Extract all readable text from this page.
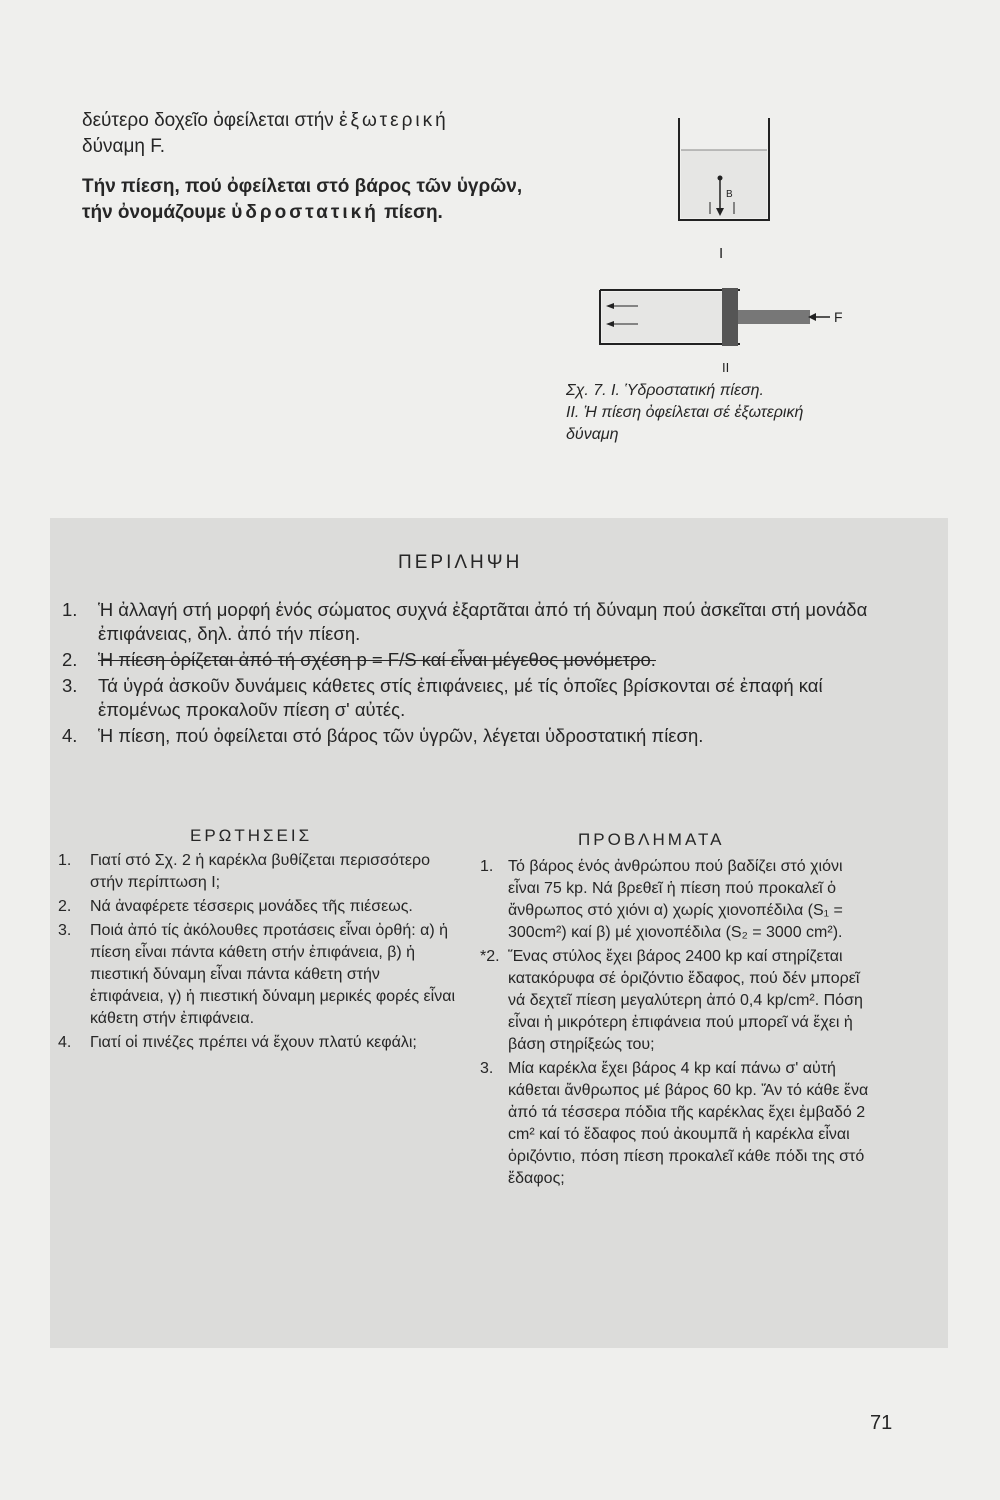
δεύτερο δοχεῖο ὀφείλεται στήν ἐξωτερική

δύναμη F.

Τήν πίεση, πού ὀφείλεται στό βάρος τῶν ὑγρῶν, τήν ὀνομάζουμε ὑδροστατική πίεση.

B
I
F
II

Σχ. 7. I. Ὑδροστατική πίεση.

II. Ἡ πίεση ὀφείλεται σέ ἐξωτερική

δύναμη

ΠΕΡΙΛΗΨΗ
1. Ἡ ἀλλαγή στή μορφή ἑνός σώματος συχνά ἐξαρτᾶται ἀπό τή δύναμη πού ἀσκεῖται στή μονάδα ἐπιφάνειας, δηλ. ἀπό τήν πίεση.
2. Ἡ πίεση ὁρίζεται ἀπό τή σχέση p = F/S καί εἶναι μέγεθος μονόμετρο.
3. Τά ὑγρά ἀσκοῦν δυνάμεις κάθετες στίς ἐπιφάνειες, μέ τίς ὁποῖες βρίσκονται σέ ἐπαφή καί ἑπομένως προκαλοῦν πίεση σ' αὐτές.
4. Ἡ πίεση, πού ὀφείλεται στό βάρος τῶν ὑγρῶν, λέγεται ὑδροστατική πίεση.
ΕΡΩΤΗΣΕΙΣ
1. Γιατί στό Σχ. 2 ἡ καρέκλα βυθίζεται περισσότερο στήν περίπτωση I;
2. Νά ἀναφέρετε τέσσερις μονάδες τῆς πιέσεως.
3. Ποιά ἀπό τίς ἀκόλουθες προτάσεις εἶναι ὀρθή: α) ἡ πίεση εἶναι πάντα κάθετη στήν ἐπιφάνεια, β) ἡ πιεστική δύναμη εἶναι πάντα κάθετη στήν ἐπιφάνεια, γ) ἡ πιεστική δύναμη μερικές φορές εἶναι κάθετη στήν ἐπιφάνεια.
4. Γιατί οἱ πινέζες πρέπει νά ἔχουν πλατύ κεφάλι;
ΠΡΟΒΛΗΜΑΤΑ
1. Τό βάρος ἑνός ἀνθρώπου πού βαδίζει στό χιόνι εἶναι 75 kp. Νά βρεθεῖ ἡ πίεση πού προκαλεῖ ὁ ἄνθρωπος στό χιόνι α) χωρίς χιονοπέδιλα (S₁ = 300cm²) καί β) μέ χιονοπέδιλα (S₂ = 3000 cm²).
*2. Ἕνας στύλος ἔχει βάρος 2400 kp καί στηρίζεται κατακόρυφα σέ ὁριζόντιο ἔδαφος, πού δέν μπορεῖ νά δεχτεῖ πίεση μεγαλύτερη ἀπό 0,4 kp/cm². Πόση εἶναι ἡ μικρότερη ἐπιφάνεια πού μπορεῖ νά ἔχει ἡ βάση στηρίξεώς του;
3. Μία καρέκλα ἔχει βάρος 4 kp καί πάνω σ' αὐτή κάθεται ἄνθρωπος μέ βάρος 60 kp. Ἄν τό κάθε ἕνα ἀπό τά τέσσερα πόδια τῆς καρέκλας ἔχει ἐμβαδό 2 cm² καί τό ἔδαφος πού ἀκουμπᾶ ἡ καρέκλα εἶναι ὁριζόντιο, πόση πίεση προκαλεῖ κάθε πόδι της στό ἔδαφος;
71
